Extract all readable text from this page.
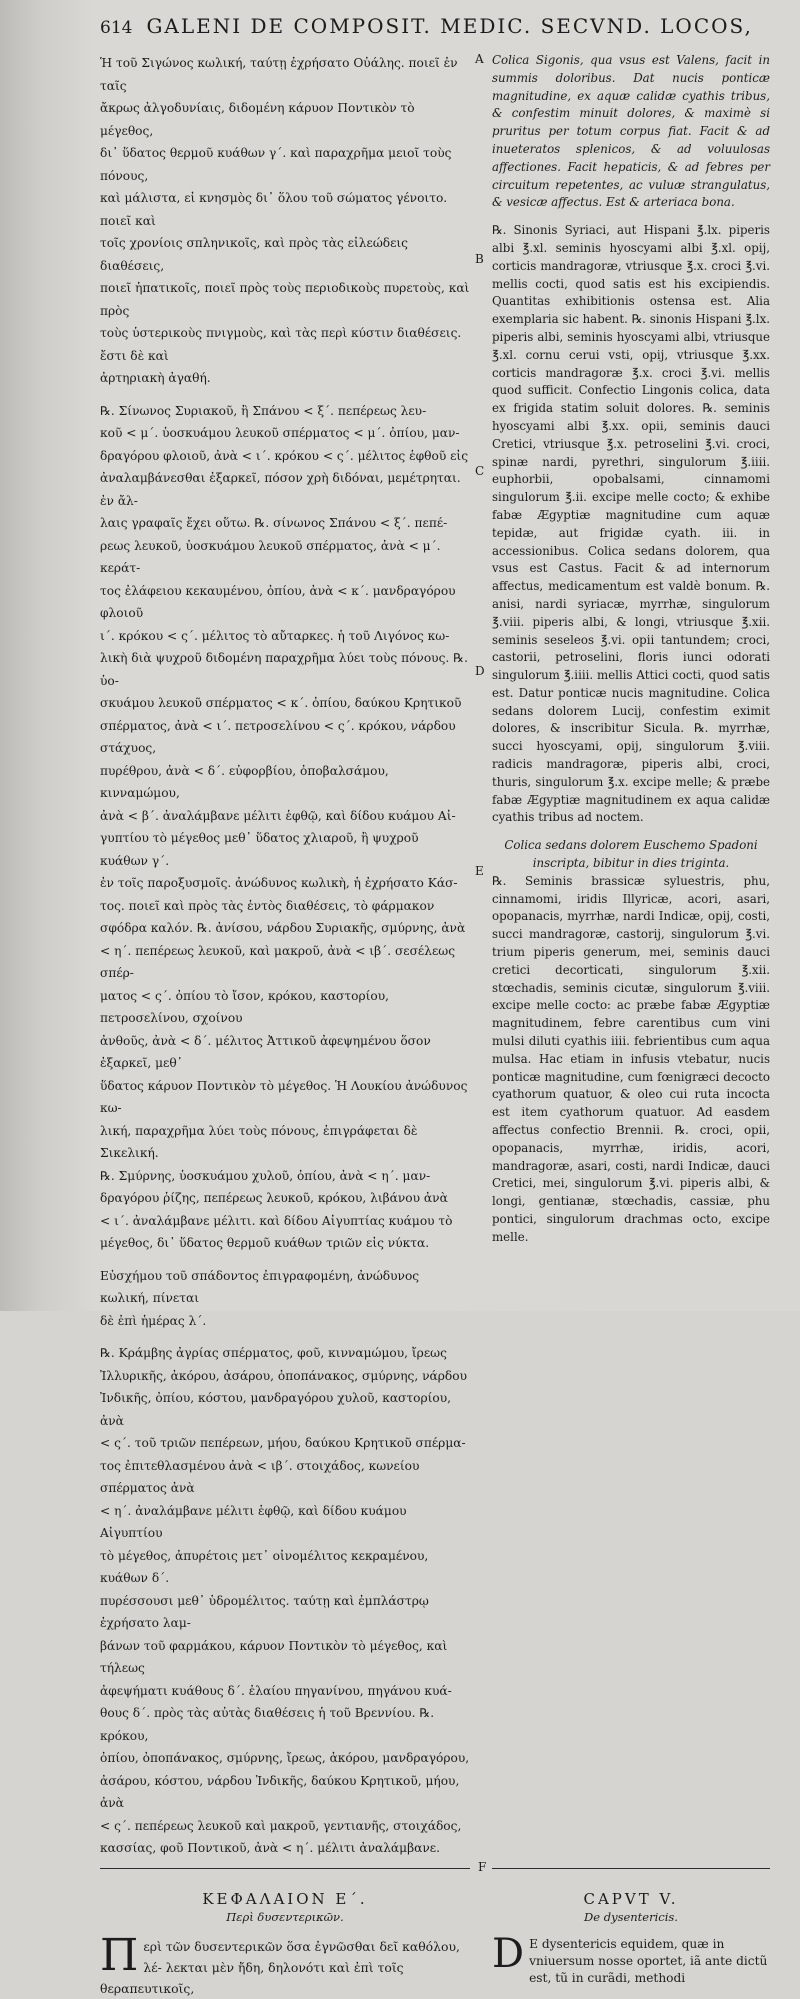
614 GALENI DE COMPOSIT. MEDIC. SECVND. LOCOS,

Ἡ τοῦ Σιγώνος κωλική, ταύτῃ ἐχρήσατο Οὐάλης. ποιεῖ ἐν ταῖς

ἄκρως ἀλγοδυνίαις, διδομένη κάρυον Ποντικὸν τὸ μέγεθος,

δι᾽ ὕδατος θερμοῦ κυάθων γ΄. καὶ παραχρῆμα μειοῖ τοὺς πόνους,

καὶ μάλιστα, εἰ κνησμὸς δι᾽ ὅλου τοῦ σώματος γένοιτο. ποιεῖ καὶ

τοῖς χρονίοις σπληνικοῖς, καὶ πρὸς τὰς εἰλεώδεις διαθέσεις,

ποιεῖ ἡπατικοῖς, ποιεῖ πρὸς τοὺς περιοδικοὺς πυρετοὺς, καὶ πρὸς

τοὺς ὑστερικοὺς πνιγμοὺς, καὶ τὰς περὶ κύστιν διαθέσεις. ἔστι δὲ καὶ

ἀρτηριακὴ ἀγαθή.

℞. Σίνωνος Συριακοῦ, ἢ Σπάνου < ξ΄. πεπέρεως λευ-

κοῦ < μ΄. ὑοσκυάμου λευκοῦ σπέρματος < μ΄. ὀπίου, μαν-

δραγόρου φλοιοῦ, ἀνὰ < ι΄. κρόκου < ς΄. μέλιτος ἑφθοῦ εἰς

ἀναλαμβάνεσθαι ἐξαρκεῖ, πόσον χρὴ διδόναι, μεμέτρηται. ἐν ἄλ-

λαις γραφαῖς ἔχει οὕτω. ℞. σίνωνος Σπάνου < ξ΄. πεπέ-

ρεως λευκοῦ, ὑοσκυάμου λευκοῦ σπέρματος, ἀνὰ < μ΄. κεράτ-

τος ἐλάφειου κεκαυμένου, ὀπίου, ἀνὰ < κ΄. μανδραγόρου φλοιοῦ

ι΄. κρόκου < ς΄. μέλιτος τὸ αὔταρκες. ἡ τοῦ Λιγόνος κω-

λικὴ διὰ ψυχροῦ διδομένη παραχρῆμα λύει τοὺς πόνους. ℞. ὑο-

σκυάμου λευκοῦ σπέρματος < κ΄. ὀπίου, δαύκου Κρητικοῦ

σπέρματος, ἀνὰ < ι΄. πετροσελίνου < ς΄. κρόκου, νάρδου στάχυος,

πυρέθρου, ἀνὰ < δ΄. εὐφορβίου, ὀποβαλσάμου, κινναμώμου,

ἀνὰ < β΄. ἀναλάμβανε μέλιτι ἑφθῷ, καὶ δίδου κυάμου Αἰ-

γυπτίου τὸ μέγεθος μεθ᾽ ὕδατος χλιαροῦ, ἢ ψυχροῦ κυάθων γ΄.

ἐν τοῖς παροξυσμοῖς. ἀνώδυνος κωλικὴ, ἡ ἐχρήσατο Κάσ-

τος. ποιεῖ καὶ πρὸς τὰς ἐντὸς διαθέσεις, τὸ φάρμακον

σφόδρα καλόν. ℞. ἀνίσου, νάρδου Συριακῆς, σμύρνης, ἀνὰ

< η΄. πεπέρεως λευκοῦ, καὶ μακροῦ, ἀνὰ < ιβ΄. σεσέλεως σπέρ-

ματος < ς΄. ὀπίου τὸ ἴσον, κρόκου, καστορίου, πετροσελίνου, σχοίνου

ἀνθοῦς, ἀνὰ < δ΄. μέλιτος Ἀττικοῦ ἀφεψημένου ὅσον ἐξαρκεῖ, μεθ᾽

ὕδατος κάρυον Ποντικὸν τὸ μέγεθος. Ἡ Λουκίου ἀνώδυνος κω-

λική, παραχρῆμα λύει τοὺς πόνους, ἐπιγράφεται δὲ Σικελική.

℞. Σμύρνης, ὑοσκυάμου χυλοῦ, ὀπίου, ἀνὰ < η΄. μαν-

δραγόρου ῥίζης, πεπέρεως λευκοῦ, κρόκου, λιβάνου ἀνὰ

< ι΄. ἀναλάμβανε μέλιτι. καὶ δίδου Αἰγυπτίας κυάμου τὸ

μέγεθος, δι᾽ ὕδατος θερμοῦ κυάθων τριῶν εἰς νύκτα.

Εὐσχήμου τοῦ σπάδοντος ἐπιγραφομένη, ἀνώδυνος κωλική, πίνεται

δὲ ἐπὶ ἡμέρας λ΄.

℞. Κράμβης ἀγρίας σπέρματος, φοῦ, κινναμώμου, ἴρεως

Ἰλλυρικῆς, ἀκόρου, ἀσάρου, ὀποπάνακος, σμύρνης, νάρδου

Ἰνδικῆς, ὀπίου, κόστου, μανδραγόρου χυλοῦ, καστορίου, ἀνὰ

< ς΄. τοῦ τριῶν πεπέρεων, μήου, δαύκου Κρητικοῦ σπέρμα-

τος ἐπιτεθλασμένου ἀνὰ < ιβ΄. στοιχάδος, κωνείου σπέρματος ἀνὰ

< η΄. ἀναλάμβανε μέλιτι ἑφθῷ, καὶ δίδου κυάμου Αἰγυπτίου

τὸ μέγεθος, ἀπυρέτοις μετ᾽ οἰνομέλιτος κεκραμένου, κυάθων δ΄.

πυρέσσουσι μεθ᾽ ὑδρομέλιτος. ταύτῃ καὶ ἐμπλάστρῳ ἐχρήσατο λαμ-

βάνων τοῦ φαρμάκου, κάρυον Ποντικὸν τὸ μέγεθος, καὶ τήλεως

ἀφεψήματι κυάθους δ΄. ἐλαίου πηγανίνου, πηγάνου κυά-

θους δ΄. πρὸς τὰς αὐτὰς διαθέσεις ἡ τοῦ Βρεννίου. ℞. κρόκου,

ὀπίου, ὀποπάνακος, σμύρνης, ἴρεως, ἀκόρου, μανδραγόρου,

ἀσάρου, κόστου, νάρδου Ἰνδικῆς, δαύκου Κρητικοῦ, μήου, ἀνὰ

< ς΄. πεπέρεως λευκοῦ καὶ μακροῦ, γεντιανῆς, στοιχάδος,

κασσίας, φοῦ Ποντικοῦ, ἀνὰ < η΄. μέλιτι ἀναλάμβανε.

A
B
C
D
E

Colica Sigonis, qua vsus est Valens, facit in summis doloribus. Dat nucis ponticæ magnitudine, ex aquæ calidæ cyathis tribus, & confestim minuit dolores, & maximè si pruritus per totum corpus fiat. Facit & ad inueteratos splenicos, & ad voluulosas affectiones. Facit hepaticis, & ad febres per circuitum repetentes, ac vuluæ strangulatus, & vesicæ affectus. Est & arteriaca bona.

℞. Sinonis Syriaci, aut Hispani ℥.lx. piperis albi ℥.xl. seminis hyoscyami albi ℥.xl. opij, corticis mandragoræ, vtriusque ℥.x. croci ℥.vi. mellis cocti, quod satis est his excipiendis. Quantitas exhibitionis ostensa est. Alia exemplaria sic habent. ℞. sinonis Hispani ℥.lx. piperis albi, seminis hyoscyami albi, vtriusque ℥.xl. cornu cerui vsti, opij, vtriusque ℥.xx. corticis mandragoræ ℥.x. croci ℥.vi. mellis quod sufficit. Confectio Lingonis colica, data ex frigida statim soluit dolores. ℞. seminis hyoscyami albi ℥.xx. opii, seminis dauci Cretici, vtriusque ℥.x. petroselini ℥.vi. croci, spinæ nardi, pyrethri, singulorum ℥.iiii. euphorbii, opobalsami, cinnamomi singulorum ℥.ii. excipe melle cocto; & exhibe fabæ Ægyptiæ magnitudine cum aquæ tepidæ, aut frigidæ cyath. iii. in accessionibus. Colica sedans dolorem, qua vsus est Castus. Facit & ad internorum affectus, medicamentum est valdè bonum. ℞. anisi, nardi syriacæ, myrrhæ, singulorum ℥.viii. piperis albi, & longi, vtriusque ℥.xii. seminis seseleos ℥.vi. opii tantundem; croci, castorii, petroselini, floris iunci odorati singulorum ℥.iiii. mellis Attici cocti, quod satis est. Datur ponticæ nucis magnitudine. Colica sedans dolorem Lucij, confestim eximit dolores, & inscribitur Sicula. ℞. myrrhæ, succi hyoscyami, opij, singulorum ℥.viii. radicis mandragoræ, piperis albi, croci, thuris, singulorum ℥.x. excipe melle; & præbe fabæ Ægyptiæ magnitudinem ex aqua calidæ cyathis tribus ad noctem.

Colica sedans dolorem Euschemo Spadoni inscripta, bibitur in dies triginta.

℞. Seminis brassicæ syluestris, phu, cinnamomi, iridis Illyricæ, acori, asari, opopanacis, myrrhæ, nardi Indicæ, opij, costi, succi mandragoræ, castorij, singulorum ℥.vi. trium piperis generum, mei, seminis dauci cretici decorticati, singulorum ℥.xii. stœchadis, seminis cicutæ, singulorum ℥.viii. excipe melle cocto: ac præbe fabæ Ægyptiæ magnitudinem, febre carentibus cum vini mulsi diluti cyathis iiii. febrientibus cum aqua mulsa. Hac etiam in infusis vtebatur, nucis ponticæ magnitudine, cum fœnigræci decocto cyathorum quatuor, & oleo cui ruta incocta est item cyathorum quatuor. Ad easdem affectus confectio Brennii. ℞. croci, opii, opopanacis, myrrhæ, iridis, acori, mandragoræ, asari, costi, nardi Indicæ, dauci Cretici, mei, singulorum ℥.vi. piperis albi, & longi, gentianæ, stœchadis, cassiæ, phu pontici, singulorum drachmas octo, excipe melle.

F
ΚΕΦΑΛΑΙΟΝ Ε΄.
Περὶ δυσεντερικῶν.
CAPVT V.
De dysentericis.
Π ερὶ τῶν δυσεντερικῶν ὅσα ἐγνῶσθαι δεῖ καθόλου, λέ- λεκται μὲν ἤδη, δηλονότι καὶ ἐπὶ τοῖς θεραπευτικοῖς,
D E dysentericis equidem, quæ in vniuersum nosse oportet, iã ante dictũ est, tũ in curãdi, methodi
